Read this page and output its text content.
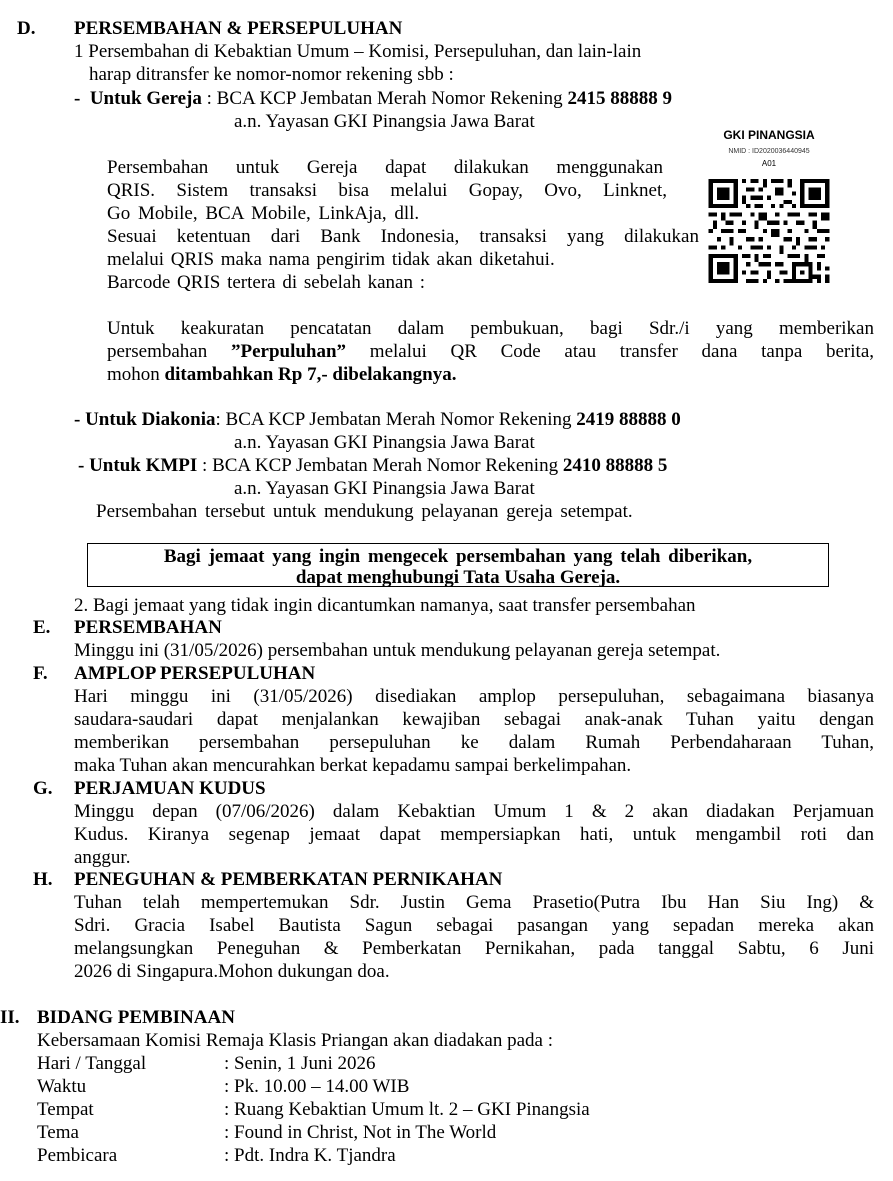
D. PERSEMBAHAN & PERSEPULUHAN
1 Persembahan di Kebaktian Umum – Komisi, Persepuluhan, dan lain-lain
harap ditransfer ke nomor-nomor rekening sbb :
- Untuk Gereja : BCA KCP Jembatan Merah Nomor Rekening 2415 88888 9
a.n. Yayasan GKI Pinangsia Jawa Barat
Persembahan untuk Gereja dapat dilakukan menggunakan
QRIS. Sistem transaksi bisa melalui Gopay, Ovo, Linknet,
Go Mobile, BCA Mobile, LinkAja, dll.
Sesuai ketentuan dari Bank Indonesia, transaksi yang dilakukan
melalui QRIS maka nama pengirim tidak akan diketahui.
Barcode QRIS tertera di sebelah kanan :
GKI PINANGSIA
NMID : ID2020036440945
A01
Untuk keakuratan pencatatan dalam pembukuan, bagi Sdr./i yang memberikan
persembahan ”Perpuluhan” melalui QR Code atau transfer dana tanpa berita,
mohon ditambahkan Rp 7,- dibelakangnya.
- Untuk Diakonia: BCA KCP Jembatan Merah Nomor Rekening 2419 88888 0
a.n. Yayasan GKI Pinangsia Jawa Barat
- Untuk KMPI : BCA KCP Jembatan Merah Nomor Rekening 2410 88888 5
a.n. Yayasan GKI Pinangsia Jawa Barat
Persembahan tersebut untuk mendukung pelayanan gereja setempat.
Bagi jemaat yang ingin mengecek persembahan yang telah diberikan,
dapat menghubungi Tata Usaha Gereja.
2. Bagi jemaat yang tidak ingin dicantumkan namanya, saat transfer persembahan
E. PERSEMBAHAN
Minggu ini (31/05/2026) persembahan untuk mendukung pelayanan gereja setempat.
F. AMPLOP PERSEPULUHAN
Hari minggu ini (31/05/2026) disediakan amplop persepuluhan, sebagaimana biasanya
saudara-saudari dapat menjalankan kewajiban sebagai anak-anak Tuhan yaitu dengan
memberikan persembahan persepuluhan ke dalam Rumah Perbendaharaan Tuhan,
maka Tuhan akan mencurahkan berkat kepadamu sampai berkelimpahan.
G. PERJAMUAN KUDUS
Minggu depan (07/06/2026) dalam Kebaktian Umum 1 & 2 akan diadakan Perjamuan
Kudus. Kiranya segenap jemaat dapat mempersiapkan hati, untuk mengambil roti dan
anggur.
H. PENEGUHAN & PEMBERKATAN PERNIKAHAN
Tuhan telah mempertemukan Sdr. Justin Gema Prasetio(Putra Ibu Han Siu Ing) &
Sdri. Gracia Isabel Bautista Sagun sebagai pasangan yang sepadan mereka akan
melangsungkan Peneguhan & Pemberkatan Pernikahan, pada tanggal Sabtu, 6 Juni
2026 di Singapura.Mohon dukungan doa.
II. BIDANG PEMBINAAN
Kebersamaan Komisi Remaja Klasis Priangan akan diadakan pada :
Hari / Tanggal	: Senin, 1 Juni 2026
Waktu	: Pk. 10.00 – 14.00 WIB
Tempat	: Ruang Kebaktian Umum lt. 2 – GKI Pinangsia
Tema	: Found in Christ, Not in The World
Pembicara	: Pdt. Indra K. Tjandra
